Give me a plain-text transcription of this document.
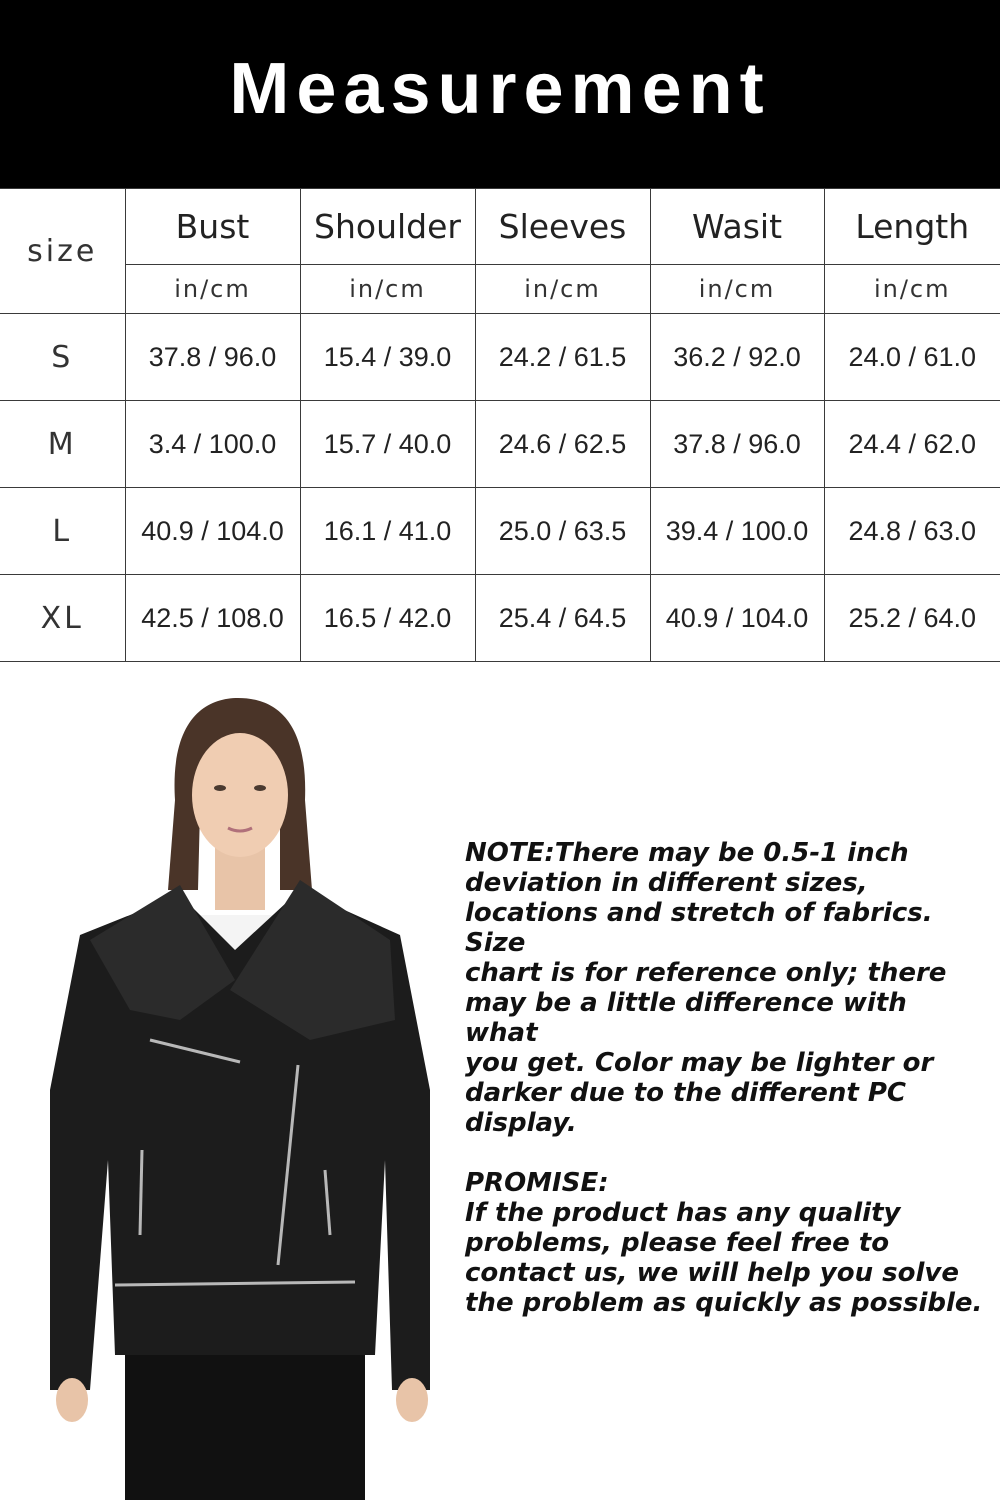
Measurement
size	Bust	Shoulder	Sleeves	Wasit	Length
	in/cm	in/cm	in/cm	in/cm	in/cm
S	37.8 / 96.0	15.4 / 39.0	24.2 / 61.5	36.2 / 92.0	24.0 / 61.0
M	3.4 / 100.0	15.7 / 40.0	24.6 / 62.5	37.8 / 96.0	24.4 / 62.0
L	40.9 / 104.0	16.1 / 41.0	25.0 / 63.5	39.4 / 100.0	24.8 / 63.0
XL	42.5 / 108.0	16.5 / 42.0	25.4 / 64.5	40.9 / 104.0	25.2 / 64.0

NOTE:There may be 0.5-1 inch

deviation in different sizes,

locations and stretch of fabrics. Size

chart is for reference only; there

may be a little difference with what

you get. Color may be lighter or

darker due to the different PC

display.

PROMISE:

If the product has any quality

problems, please feel free to

contact us, we will help you solve

the problem as quickly as possible.
